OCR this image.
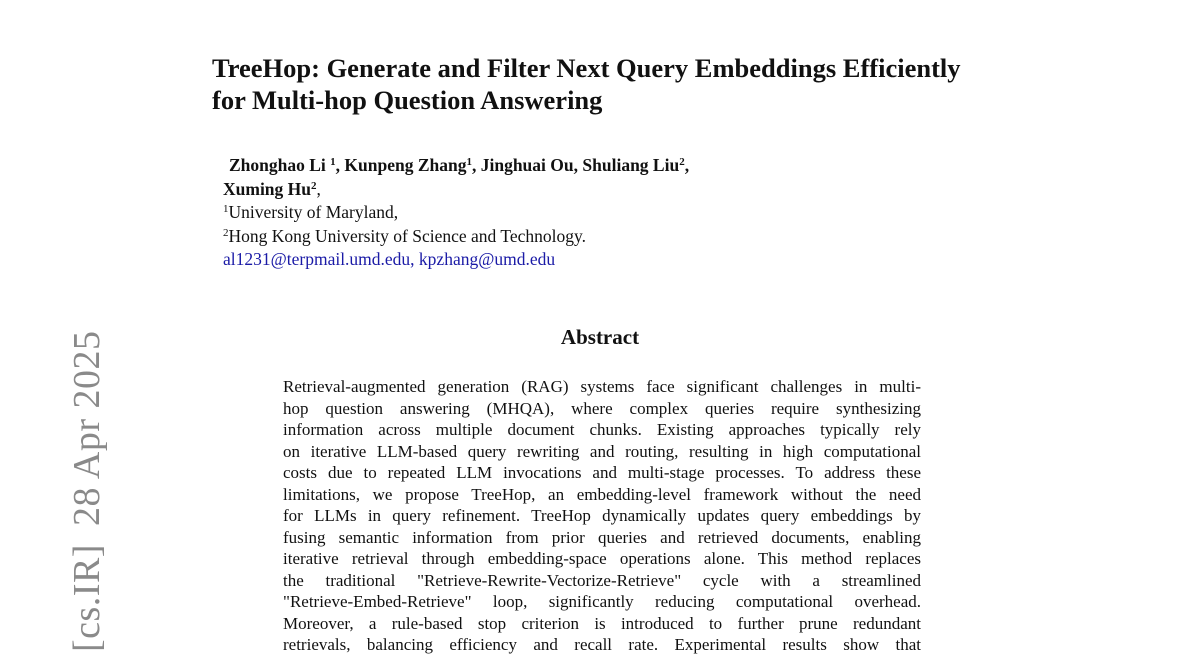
[cs.IR]28 Apr 2025
TreeHop: Generate and Filter Next Query Embeddings Efficiently
for Multi-hop Question Answering
Zhonghao Li $^1$, Kunpeng Zhang$^1$, Jinghuai Ou, Shuliang Liu$^2$,
Xuming Hu$^2$,
$^1$University of Maryland,
$^2$Hong Kong University of Science and Technology.
al1231@terpmail.umd.edu, kpzhang@umd.edu
Abstract
Retrieval-augmented generation (RAG) systems face significant challenges in multi-
hop question answering (MHQA), where complex queries require synthesizing
information across multiple document chunks. Existing approaches typically rely
on iterative LLM-based query rewriting and routing, resulting in high computational
costs due to repeated LLM invocations and multi-stage processes. To address these
limitations, we propose TreeHop, an embedding-level framework without the need
for LLMs in query refinement. TreeHop dynamically updates query embeddings by
fusing semantic information from prior queries and retrieved documents, enabling
iterative retrieval through embedding-space operations alone. This method replaces
the traditional "Retrieve-Rewrite-Vectorize-Retrieve" cycle with a streamlined
"Retrieve-Embed-Retrieve" loop, significantly reducing computational overhead.
Moreover, a rule-based stop criterion is introduced to further prune redundant
retrievals, balancing efficiency and recall rate. Experimental results show that
